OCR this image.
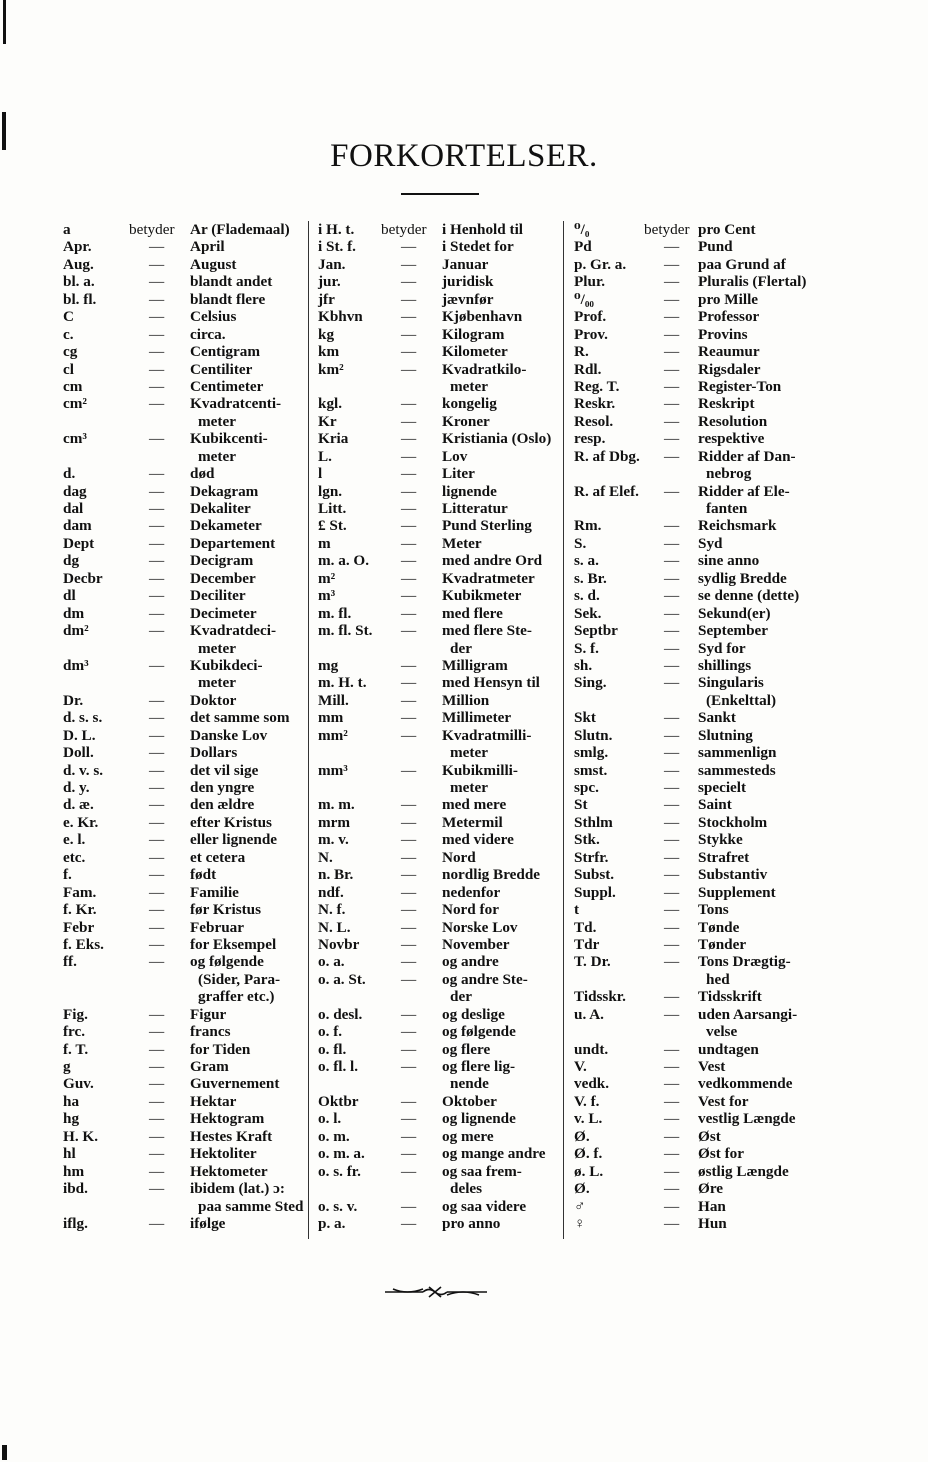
FORKORTELSER.
a	betyder Ar (Flademaal)
Apr.	— April
Aug.	— August
bl. a.	— blandt andet
bl. fl.	— blandt flere
C	— Celsius
c.	— circa.
cg	— Centigram
cl	— Centiliter
cm	— Centimeter
cm²	— Kvadratcenti-
meter
cm³	— Kubikcenti-
meter
d.	— død
dag	— Dekagram
dal	— Dekaliter
dam	— Dekameter
Dept	— Departement
dg	— Decigram
Decbr	— December
dl	— Deciliter
dm	— Decimeter
dm²	— Kvadratdeci-
meter
dm³	— Kubikdeci-
meter
Dr.	— Doktor
d. s. s.	— det samme som
D. L.	— Danske Lov
Doll.	— Dollars
d. v. s.	— det vil sige
d. y.	— den yngre
d. æ.	— den ældre
e. Kr.	— efter Kristus
e. l.	— eller lignende
etc.	— et cetera
f.	— født
Fam.	— Familie
f. Kr.	— før Kristus
Febr	— Februar
f. Eks.	— for Eksempel
ff.	— og følgende
(Sider, Para-
graffer etc.)
Fig.	— Figur
frc.	— francs
f. T.	— for Tiden
g	— Gram
Guv.	— Guvernement
ha	— Hektar
hg	— Hektogram
H. K.	— Hestes Kraft
hl	— Hektoliter
hm	— Hektometer
ibd.	— ibidem (lat.) ɔ:
paa samme Sted
iflg.	— ifølge
i H. t. betyder i Henhold til
i St. f.	— i Stedet for
Jan.	— Januar
jur.	— juridisk
jfr	— jævnfør
Kbhvn	— Kjøbenhavn
kg	— Kilogram
km	— Kilometer
km²	— Kvadratkilo-
meter
kgl.	— kongelig
Kr	— Kroner
Kria	— Kristiania (Oslo)
L.	— Lov
l	— Liter
lgn.	— lignende
Litt.	— Litteratur
£ St.	— Pund Sterling
m	— Meter
m. a. O. — med andre Ord
m²	— Kvadratmeter
m³	— Kubikmeter
m. fl.	— med flere
m. fl. St. — med flere Ste-
der
mg	— Milligram
m. H. t. — med Hensyn til
Mill.	— Million
mm	— Millimeter
mm²	— Kvadratmilli-
meter
mm³	— Kubikmilli-
meter
m. m.	— med mere
mrm	— Metermil
m. v.	— med videre
N.	— Nord
n. Br.	— nordlig Bredde
ndf.	— nedenfor
N. f.	— Nord for
N. L.	— Norske Lov
Novbr	— November
o. a.	— og andre
o. a. St. — og andre Ste-
der
o. desl.	— og deslige
o. f.	— og følgende
o. fl.	— og flere
o. fl. l.	— og flere lig-
nende
Oktbr	— Oktober
o. l.	— og lignende
o. m.	— og mere
o. m. a. — og mange andre
o. s. fr.	— og saa frem-
deles
o. s. v.	— og saa videre
p. a.	— pro anno
⁰/₀	betyder pro Cent
Pd	— Pund
p. Gr. a. — paa Grund af
Plur.	— Pluralis (Flertal)
⁰/₀₀	— pro Mille
Prof.	— Professor
Prov.	— Provins
R.	— Reaumur
Rdl.	— Rigsdaler
Reg. T.	— Register-Ton
Reskr.	— Reskript
Resol.	— Resolution
resp.	— respektive
R. af Dbg. — Ridder af Dan-
nebrog
R. af Elef. — Ridder af Ele-
fanten
Rm.	— Reichsmark
S.	— Syd
s. a.	— sine anno
s. Br.	— sydlig Bredde
s. d.	— se denne (dette)
Sek.	— Sekund(er)
Septbr	— September
S. f.	— Syd for
sh.	— shillings
Sing.	— Singularis
(Enkelttal)
Skt	— Sankt
Slutn.	— Slutning
smlg.	— sammenlign
smst.	— sammesteds
spc.	— specielt
St	— Saint
Sthlm	— Stockholm
Stk.	— Stykke
Strfr.	— Strafret
Subst.	— Substantiv
Suppl.	— Supplement
t	— Tons
Td.	— Tønde
Tdr	— Tønder
T. Dr.	— Tons Drægtig-
hed
Tidsskr.	— Tidsskrift
u. A.	— uden Aarsangi-
velse
undt.	— undtagen
V.	— Vest
vedk.	— vedkommende
V. f.	— Vest for
v. L.	— vestlig Længde
Ø.	— Øst
Ø. f.	— Øst for
ø. L.	— østlig Længde
Ø.	— Øre
♂	— Han
♀	— Hun
